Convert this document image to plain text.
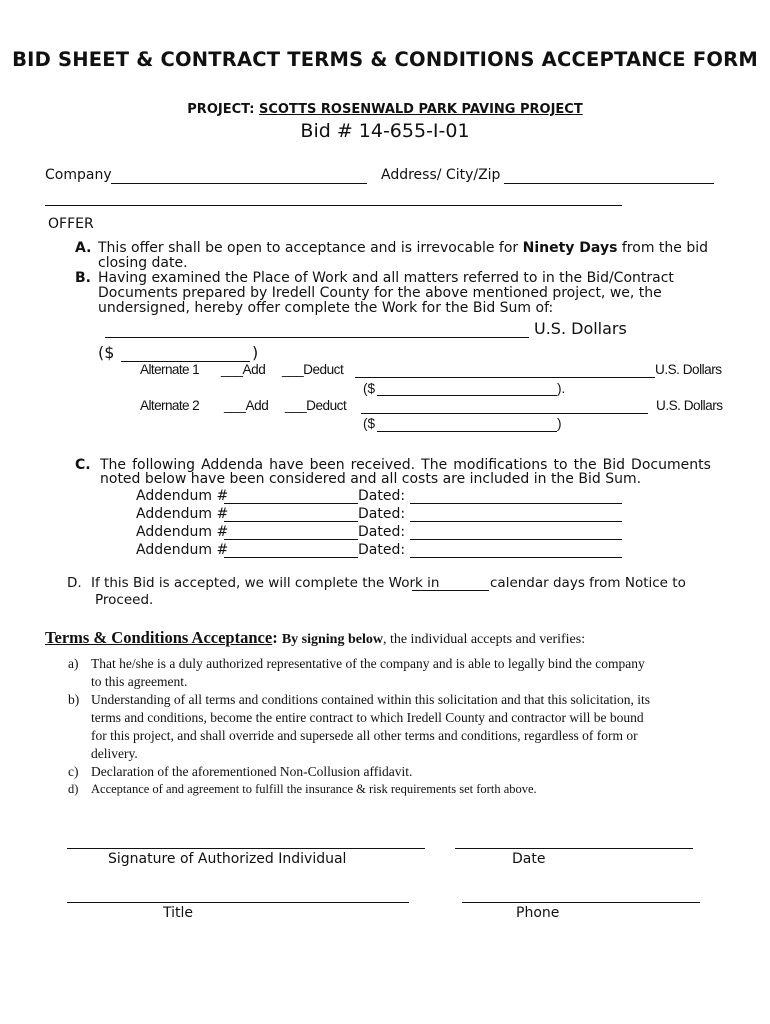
BID SHEET & CONTRACT TERMS & CONDITIONS ACCEPTANCE FORM
PROJECT: SCOTTS ROSENWALD PARK PAVING PROJECT
Bid # 14-655-I-01
Company	Address/ City/Zip
OFFER
A. This offer shall be open to acceptance and is irrevocable for Ninety Days from the bid
closing date.
B. Having examined the Place of Work and all matters referred to in the Bid/Contract
Documents prepared by Iredell County for the above mentioned project, we, the
undersigned, hereby offer complete the Work for the Bid Sum of:
U.S. Dollars
($	)
Alternate 1 ___Add ___Deduct	U.S. Dollars
($	).
Alternate 2 ___Add ___Deduct	U.S. Dollars
($	)
C. The following Addenda have been received. The modifications to the Bid Documents
noted below have been considered and all costs are included in the Bid Sum.
Addendum #	Dated:
Addendum #	Dated:
Addendum #	Dated:
Addendum #	Dated:
D. If this Bid is accepted, we will complete the Work in	calendar days from Notice to
Proceed.
Terms & Conditions Acceptance: By signing below, the individual accepts and verifies:
a) That he/she is a duly authorized representative of the company and is able to legally bind the company
to this agreement.
b) Understanding of all terms and conditions contained within this solicitation and that this solicitation, its
terms and conditions, become the entire contract to which Iredell County and contractor will be bound
for this project, and shall override and supersede all other terms and conditions, regardless of form or
delivery.
c) Declaration of the aforementioned Non-Collusion affidavit.
d) Acceptance of and agreement to fulfill the insurance & risk requirements set forth above.
Signature of Authorized Individual	Date
Title	Phone
